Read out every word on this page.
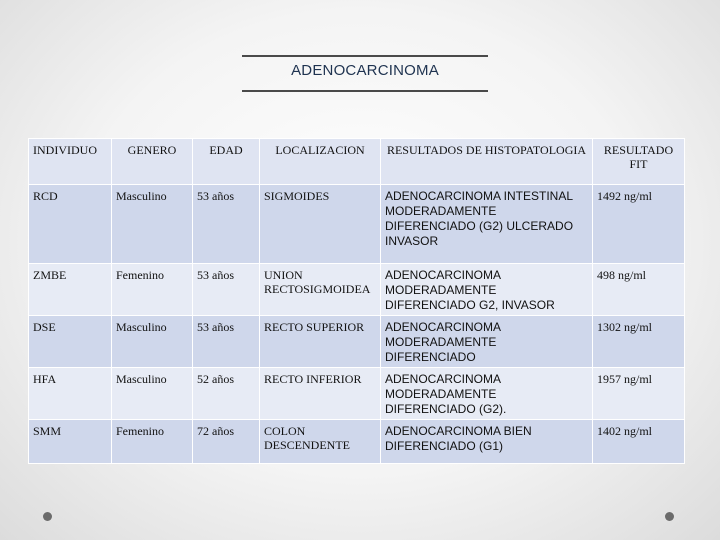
ADENOCARCINOMA
INDIVIDUO	GENERO	EDAD	LOCALIZACION	RESULTADOS DE HISTOPATOLOGIA	RESULTADO FIT
RCD	Masculino	53 años	SIGMOIDES	ADENOCARCINOMA INTESTINAL MODERADAMENTE DIFERENCIADO (G2) ULCERADO INVASOR	1492 ng/ml
ZMBE	Femenino	53 años	UNION RECTOSIGMOIDEA	ADENOCARCINOMA MODERADAMENTE DIFERENCIADO G2, INVASOR	498 ng/ml
DSE	Masculino	53 años	RECTO SUPERIOR	ADENOCARCINOMA MODERADAMENTE DIFERENCIADO	1302 ng/ml
HFA	Masculino	52 años	RECTO INFERIOR	ADENOCARCINOMA MODERADAMENTE DIFERENCIADO (G2).	1957 ng/ml
SMM	Femenino	72 años	COLON DESCENDENTE	ADENOCARCINOMA BIEN DIFERENCIADO (G1)	1402 ng/ml
